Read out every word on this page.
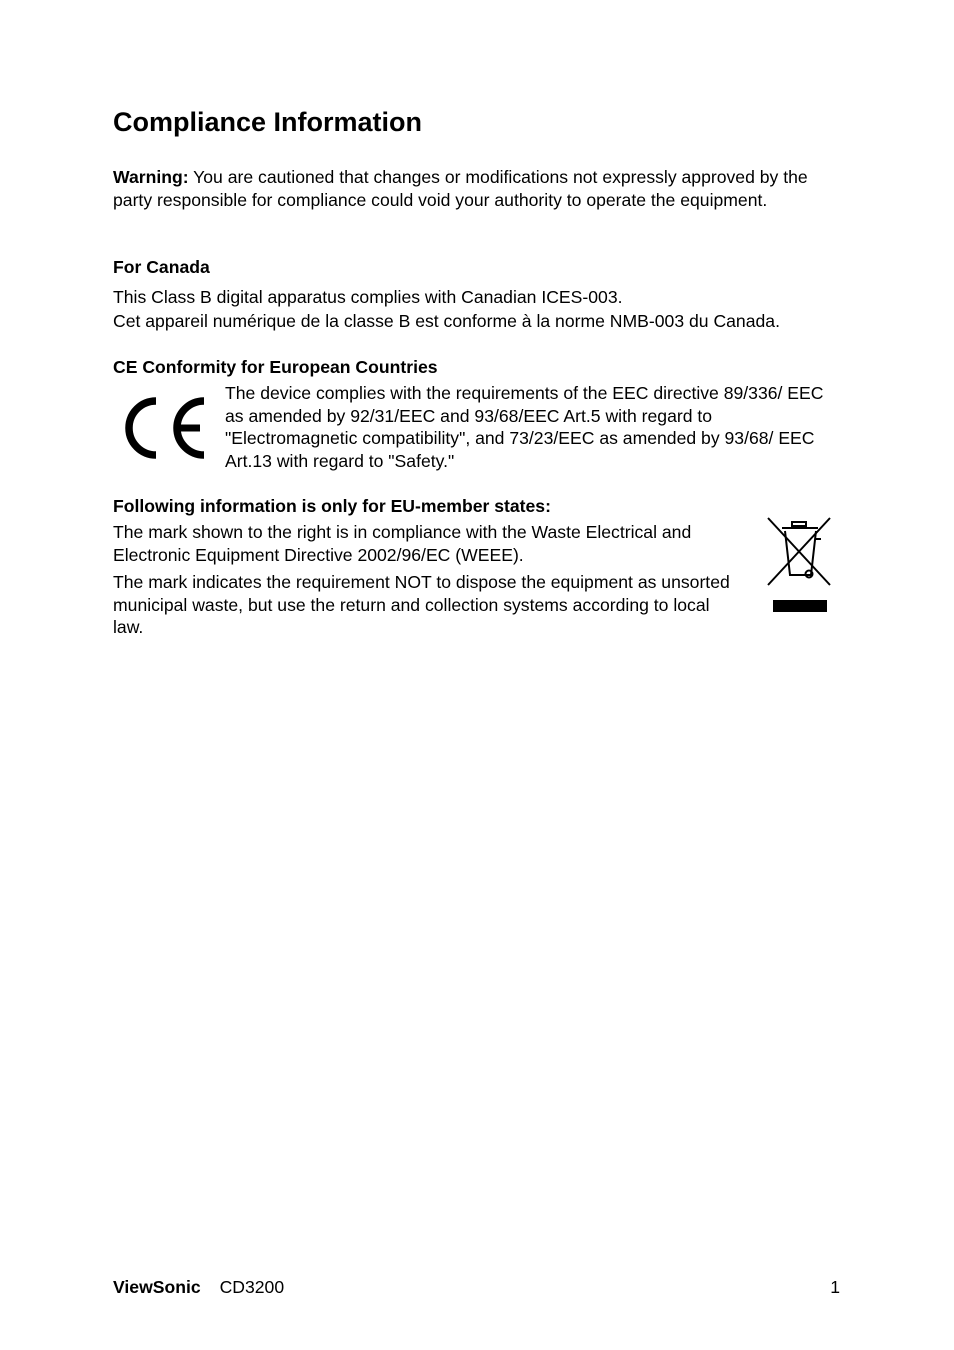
Compliance Information

Warning: You are cautioned that changes or modifications not expressly approved by the party responsible for compliance could void your authority to operate the equipment.

For Canada

This Class B digital apparatus complies with Canadian ICES-003.

Cet appareil numérique de la classe B est conforme à la norme NMB-003 du Canada.

CE Conformity for European Countries

The device complies with the requirements of the EEC directive 89/336/ EEC as amended by 92/31/EEC and 93/68/EEC Art.5 with regard to "Electromagnetic compatibility", and 73/23/EEC as amended by 93/68/ EEC Art.13 with regard to "Safety."

Following information is only for EU-member states:

The mark shown to the right is in compliance with the Waste Electrical and Electronic Equipment Directive 2002/96/EC (WEEE).

The mark indicates the requirement NOT to dispose the equipment as unsorted municipal waste, but use the return and collection systems according to local law.

ViewSonic CD3200	1
